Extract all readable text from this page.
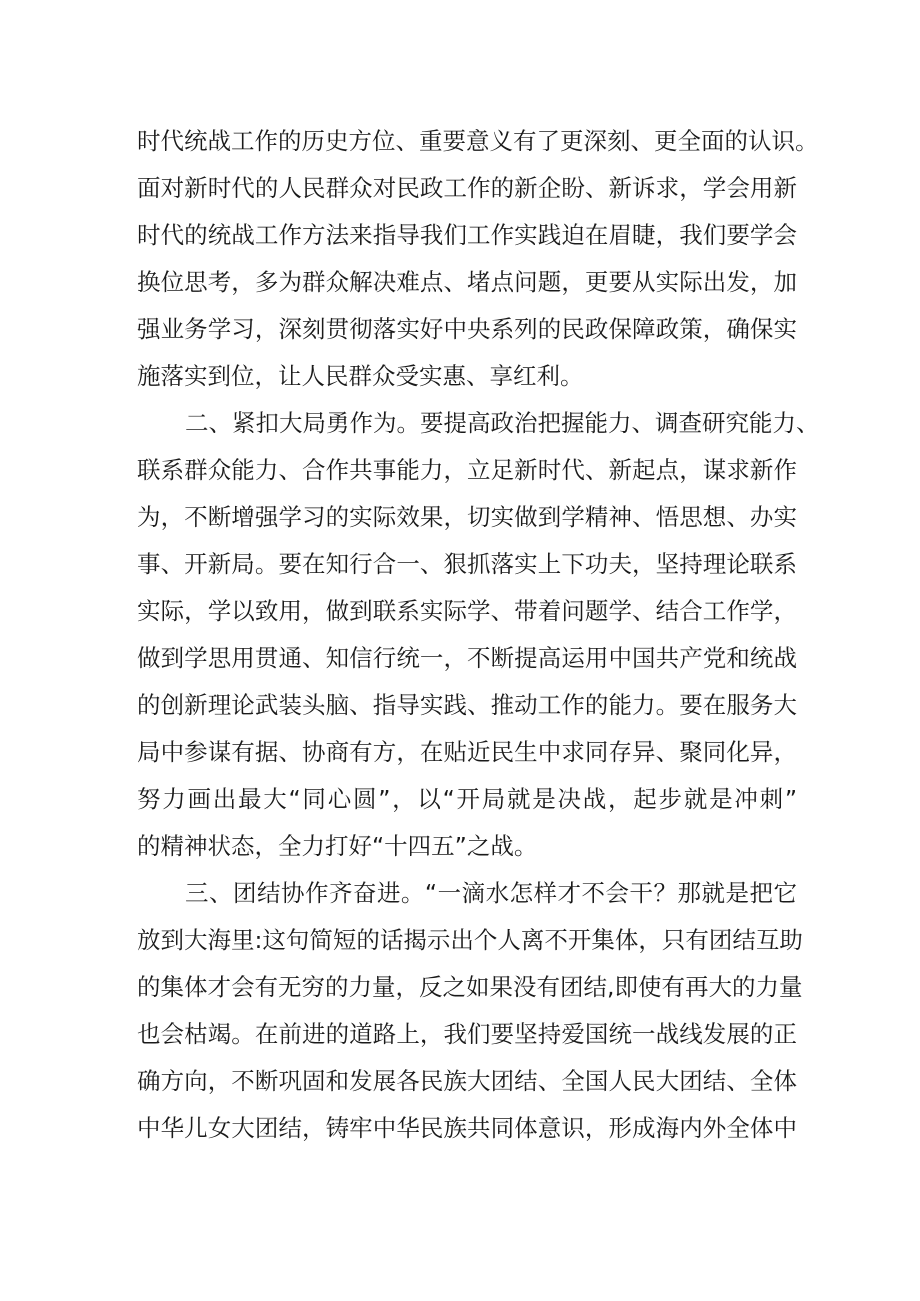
时代统战工作的历史方位、重要意义有了更深刻、更全面的认识。
面对新时代的人民群众对民政工作的新企盼、新诉求，学会用新
时代的统战工作方法来指导我们工作实践迫在眉睫，我们要学会
换位思考，多为群众解决难点、堵点问题，更要从实际出发，加
强业务学习，深刻贯彻落实好中央系列的民政保障政策，确保实
施落实到位，让人民群众受实惠、享红利。
二、紧扣大局勇作为。要提高政治把握能力、调查研究能力、
联系群众能力、合作共事能力，立足新时代、新起点，谋求新作
为，不断增强学习的实际效果，切实做到学精神、悟思想、办实
事、开新局。要在知行合一、狠抓落实上下功夫，坚持理论联系
实际，学以致用，做到联系实际学、带着问题学、结合工作学，
做到学思用贯通、知信行统一，不断提高运用中国共产党和统战
的创新理论武装头脑、指导实践、推动工作的能力。要在服务大
局中参谋有据、协商有方，在贴近民生中求同存异、聚同化异，
努力画出最大“同心圆”，以“开局就是决战，起步就是冲刺”
的精神状态，全力打好“十四五”之战。
三、团结协作齐奋进。“一滴水怎样才不会干？那就是把它
放到大海里:这句简短的话揭示出个人离不开集体，只有团结互助
的集体才会有无穷的力量，反之如果没有团结,即使有再大的力量
也会枯竭。在前进的道路上，我们要坚持爱国统一战线发展的正
确方向，不断巩固和发展各民族大团结、全国人民大团结、全体
中华儿女大团结，铸牢中华民族共同体意识，形成海内外全体中
